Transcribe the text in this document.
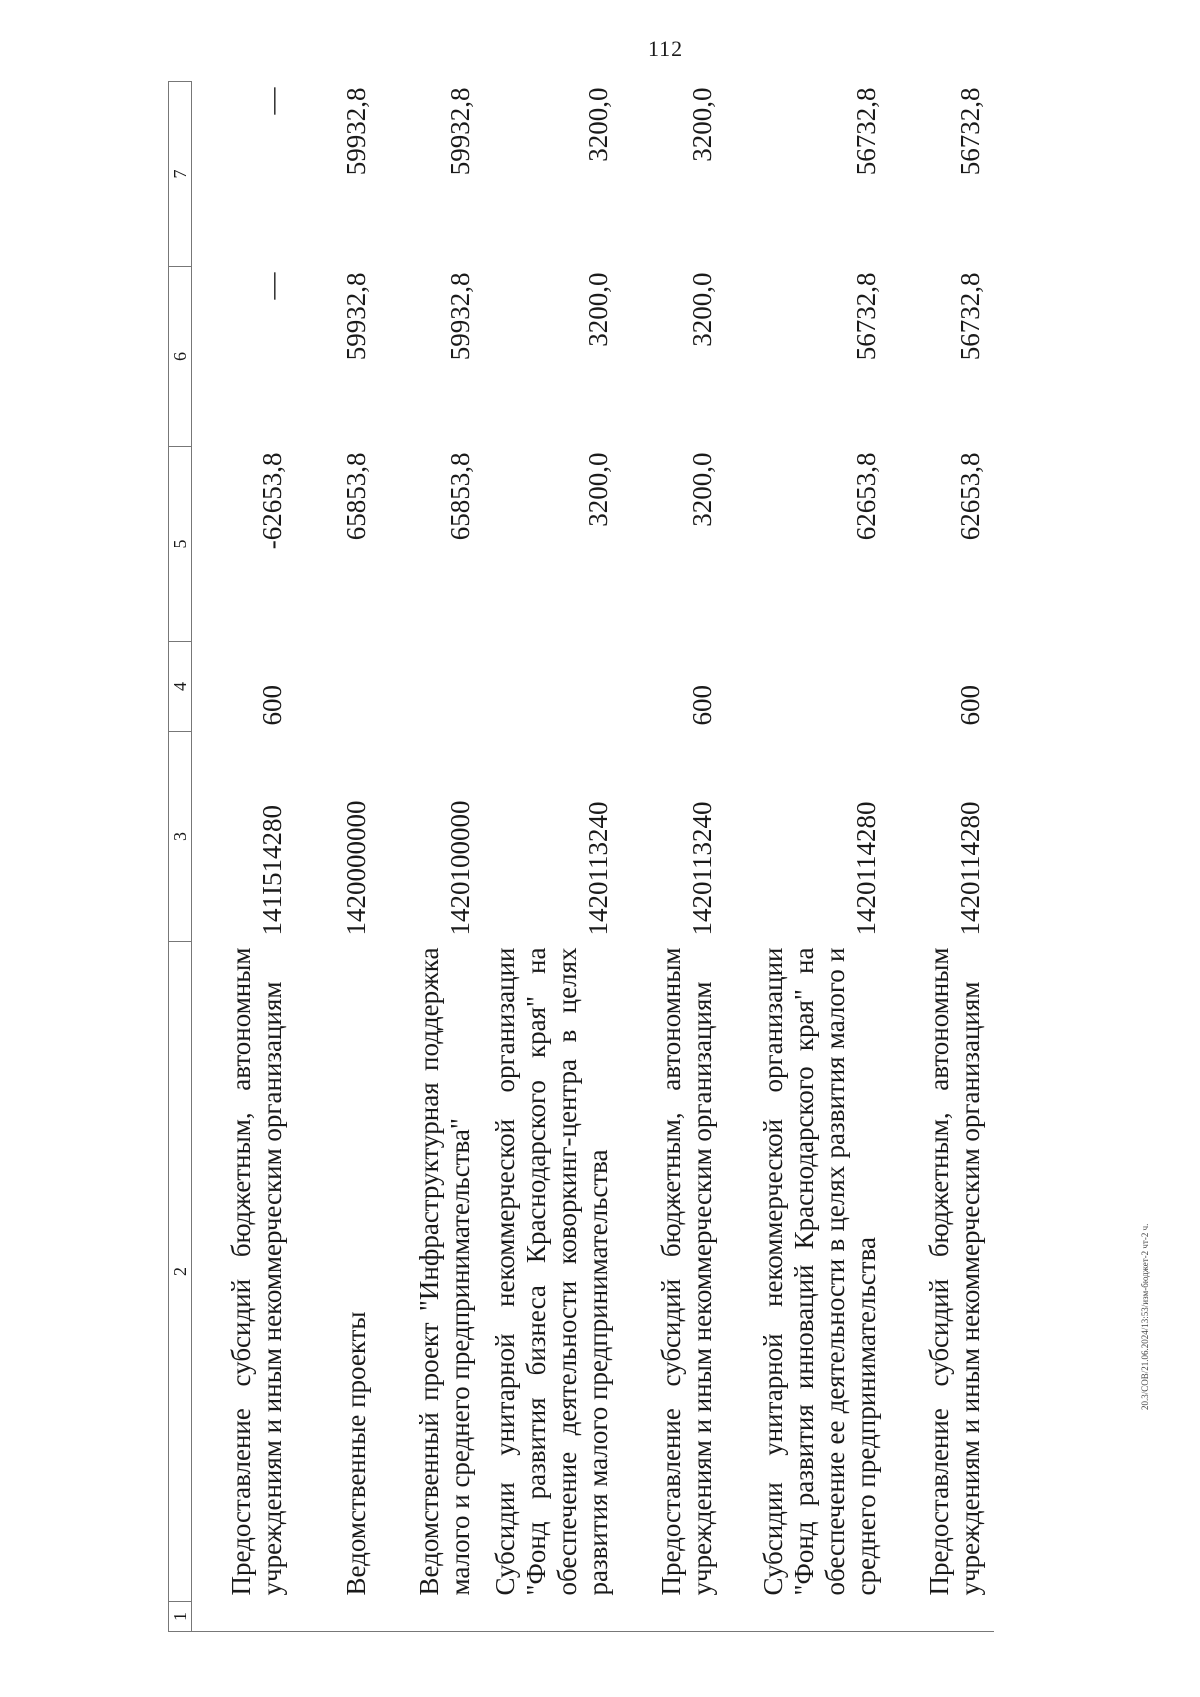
112
20.3/СОВ/21.06.2024/13:53/изм-бюджет-2 чт-2 ч.
1	2	3	4	5	6	7
	Предоставление субсидий бюджетным, автономным учреждениям и иным некоммерческим организациям	141I514280	600	-62653,8	—	—
	Ведомственные проекты	1420000000		65853,8	59932,8	59932,8
	Ведомственный проект "Инфраструктурная поддержка малого и среднего предпринимательства"	1420100000		65853,8	59932,8	59932,8
	Субсидии унитарной некоммерческой организации "Фонд развития бизнеса Краснодарского края" на обеспечение деятельности коворкинг-центра в целях развития малого предпринимательства	1420113240		3200,0	3200,0	3200,0
	Предоставление субсидий бюджетным, автономным учреждениям и иным некоммерческим организациям	1420113240	600	3200,0	3200,0	3200,0
	Субсидии унитарной некоммерческой организации "Фонд развития инноваций Краснодарского края" на обеспечение ее деятельности в целях развития малого и среднего предпринимательства	1420114280		62653,8	56732,8	56732,8
	Предоставление субсидий бюджетным, автономным учреждениям и иным некоммерческим организациям	1420114280	600	62653,8	56732,8	56732,8
